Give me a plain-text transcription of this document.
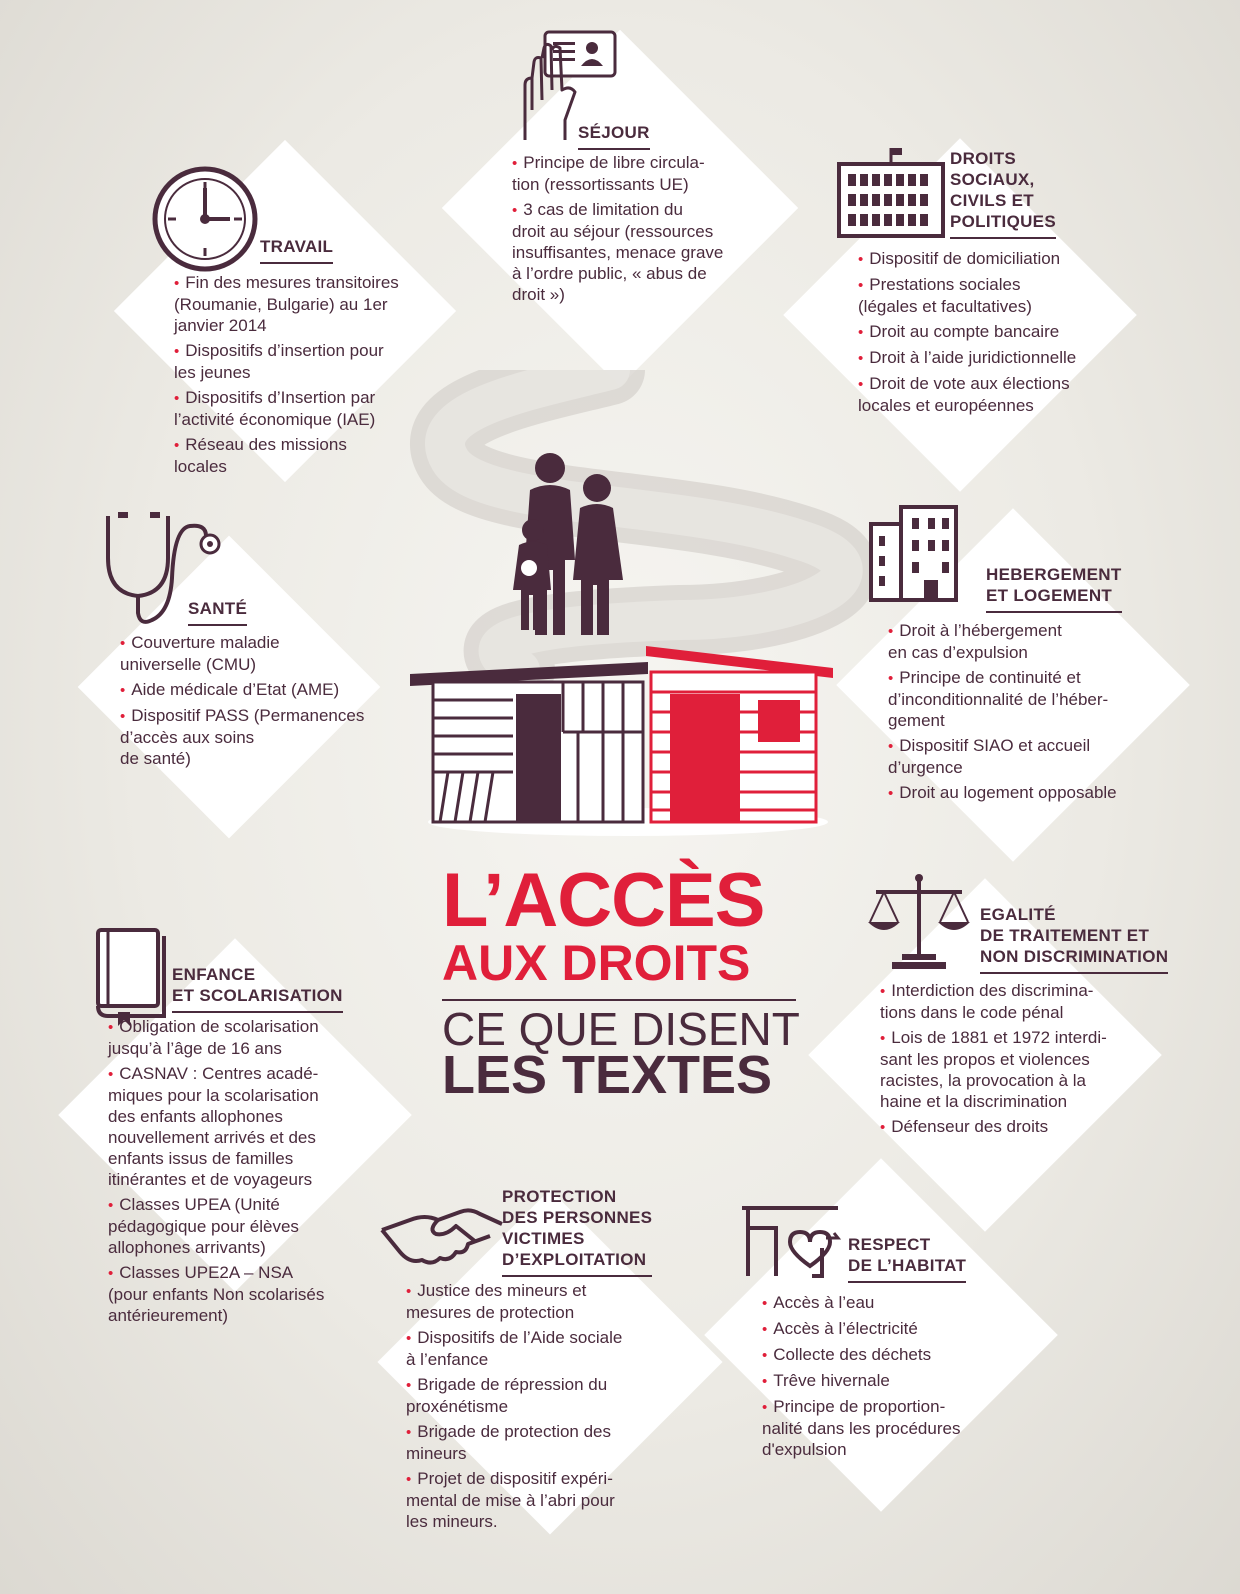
L’ACCÈS
AUX DROITS
CE QUE DISENT
LES TEXTES
SÉJOUR
• Principe de libre circula-
tion (ressortissants UE)
• 3 cas de limitation du
droit au séjour (ressources
insuffisantes, menace grave
à l’ordre public, « abus de
droit »)
TRAVAIL
• Fin des mesures transitoires
(Roumanie, Bulgarie) au 1er
janvier 2014
• Dispositifs d’insertion pour
les jeunes
• Dispositifs d’Insertion par
l’activité économique (IAE)
• Réseau des missions
locales
DROITS
SOCIAUX,
CIVILS ET
POLITIQUES
• Dispositif de domiciliation
• Prestations sociales
(légales et facultatives)
• Droit au compte bancaire
• Droit à l’aide juridictionnelle
• Droit de vote aux élections
locales et européennes
SANTÉ
• Couverture maladie
universelle (CMU)
• Aide médicale d’Etat (AME)
• Dispositif PASS (Permanences
d’accès aux soins
de santé)
HEBERGEMENT
ET LOGEMENT
• Droit à l’hébergement
en cas d’expulsion
• Principe de continuité et
d’inconditionnalité de l’héber-
gement
• Dispositif SIAO et accueil
d’urgence
• Droit au logement opposable
ENFANCE
ET SCOLARISATION
• Obligation de scolarisation
jusqu’à l’âge de 16 ans
• CASNAV : Centres acadé-
miques pour la scolarisation
des enfants allophones
nouvellement arrivés et des
enfants issus de familles
itinérantes et de voyageurs
• Classes UPEA (Unité
pédagogique pour élèves
allophones arrivants)
• Classes UPE2A – NSA
(pour enfants Non scolarisés
antérieurement)
EGALITÉ
DE TRAITEMENT ET
NON DISCRIMINATION
• Interdiction des discrimina-
tions dans le code pénal
• Lois de 1881 et 1972 interdi-
sant les propos et violences
racistes, la provocation à la
haine et la discrimination
• Défenseur des droits
PROTECTION
DES PERSONNES
VICTIMES
D’EXPLOITATION
• Justice des mineurs et
mesures de protection
• Dispositifs de l’Aide sociale
à l’enfance
• Brigade de répression du
proxénétisme
• Brigade de protection des
mineurs
• Projet de dispositif expéri-
mental de mise à l’abri pour
les mineurs.
RESPECT
DE L’HABITAT
• Accès à l’eau
• Accès à l’électricité
• Collecte des déchets
• Trêve hivernale
• Principe de proportion-
nalité dans les procédures
d'expulsion
